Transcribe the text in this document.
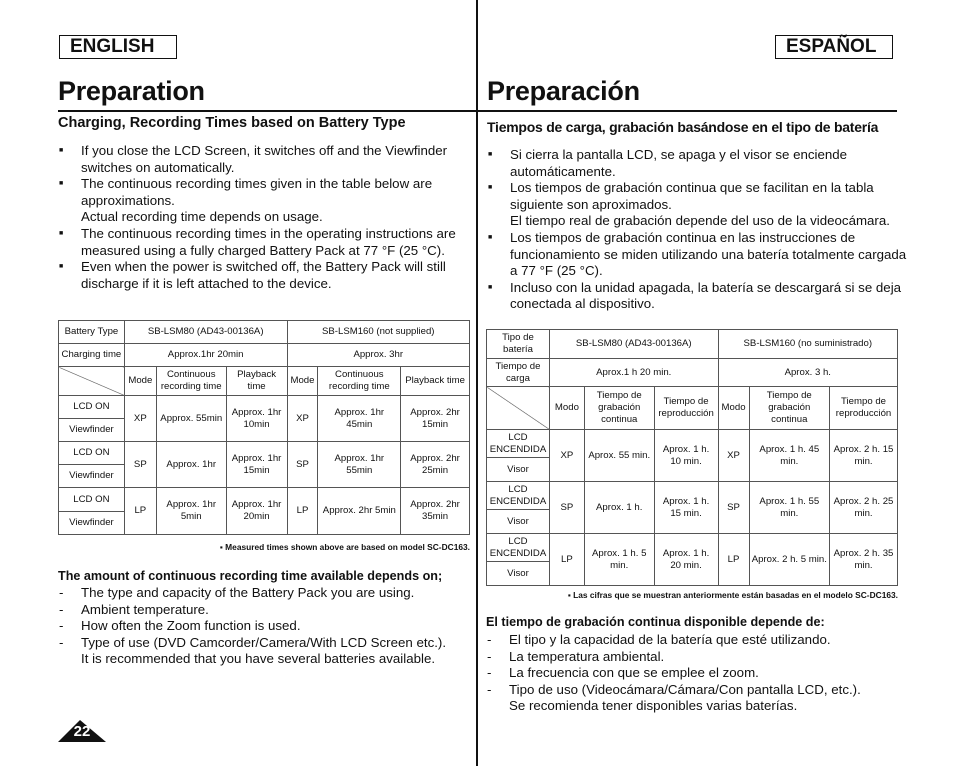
ENGLISH
Preparation
Charging, Recording Times based on Battery Type
■ If you close the LCD Screen, it switches off and the Viewfinder
switches on automatically.
■ The continuous recording times given in the table below are
approximations.
Actual recording time depends on usage.
■ The continuous recording times in the operating instructions are
measured using a fully charged Battery Pack at 77 °F (25 °C).
■ Even when the power is switched off, the Battery Pack will still
discharge if it is left attached to the device.
Battery Type	SB-LSM80 (AD43-00136A)			SB-LSM160 (not supplied)		
Charging time	Approx.1hr 20min			Approx. 3hr		
	Mode	Continuous recording time	Playback time	Mode	Continuous recording time	Playback time
LCD ON	XP	Approx. 55min	Approx. 1hr 10min	XP	Approx. 1hr 45min	Approx. 2hr 15min
Viewfinder						
LCD ON	SP	Approx. 1hr	Approx. 1hr 15min	SP	Approx. 1hr 55min	Approx. 2hr 25min
Viewfinder						
LCD ON	LP	Approx. 1hr 5min	Approx. 1hr 20min	LP	Approx. 2hr 5min	Approx. 2hr 35min
Viewfinder						
▪ Measured times shown above are based on model SC-DC163.
The amount of continuous recording time available depends on;
- The type and capacity of the Battery Pack you are using.
- Ambient temperature.
- How often the Zoom function is used.
- Type of use (DVD Camcorder/Camera/With LCD Screen etc.).
It is recommended that you have several batteries available.
22
ESPAÑOL
Preparación
Tiempos de carga, grabación basándose en el tipo de batería
■ Si cierra la pantalla LCD, se apaga y el visor se enciende
automáticamente.
■ Los tiempos de grabación continua que se facilitan en la tabla
siguiente son aproximados.
El tiempo real de grabación depende del uso de la videocámara.
■ Los tiempos de grabación continua en las instrucciones de
funcionamiento se miden utilizando una batería totalmente cargada
a 77 °F (25 °C).
■ Incluso con la unidad apagada, la batería se descargará si se deja
conectada al dispositivo.
Tipo de batería	SB-LSM80 (AD43-00136A)			SB-LSM160 (no suministrado)		
Tiempo de carga	Aprox.1 h 20 min.			Aprox. 3 h.		
	Modo	Tiempo de grabación continua	Tiempo de reproducción	Modo	Tiempo de grabación continua	Tiempo de reproducción
LCD ENCENDIDA	XP	Aprox. 55 min.	Aprox. 1 h. 10 min.	XP	Aprox. 1 h. 45 min.	Aprox. 2 h. 15 min.
Visor						
LCD ENCENDIDA	SP	Aprox. 1 h.	Aprox. 1 h. 15 min.	SP	Aprox. 1 h. 55 min.	Aprox. 2 h. 25 min.
Visor						
LCD ENCENDIDA	LP	Aprox. 1 h. 5 min.	Aprox. 1 h. 20 min.	LP	Aprox. 2 h. 5 min.	Aprox. 2 h. 35 min.
Visor						
▪ Las cifras que se muestran anteriormente están basadas en el modelo SC-DC163.
El tiempo de grabación continua disponible depende de:
- El tipo y la capacidad de la batería que esté utilizando.
- La temperatura ambiental.
- La frecuencia con que se emplee el zoom.
- Tipo de uso (Videocámara/Cámara/Con pantalla LCD, etc.).
Se recomienda tener disponibles varias baterías.
